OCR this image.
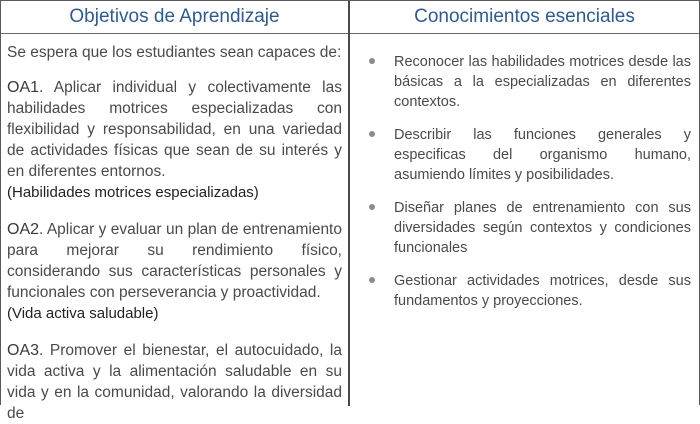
Objetivos de Aprendizaje

Se espera que los estudiantes sean capaces de:

OA1. Aplicar individual y colectivamente las habilidades motrices especializadas con flexibilidad y responsabilidad, en una variedad de actividades físicas que sean de su interés y en diferentes entornos.

(Habilidades motrices especializadas)

OA2. Aplicar y evaluar un plan de entrenamiento para mejorar su rendimiento físico, considerando sus características personales y funcionales con perseverancia y proactividad.

(Vida activa saludable)

OA3. Promover el bienestar, el autocuidado, la vida activa y la alimentación saludable en su vida y en la comunidad, valorando la diversidad de

Conocimientos esenciales
Reconocer las habilidades motrices desde las básicas a la especializadas en diferentes contextos.
Describir las funciones generales y especificas del organismo humano, asumiendo límites y posibilidades.
Diseñar planes de entrenamiento con sus diversidades según contextos y condiciones funcionales
Gestionar actividades motrices, desde sus fundamentos y proyecciones.
